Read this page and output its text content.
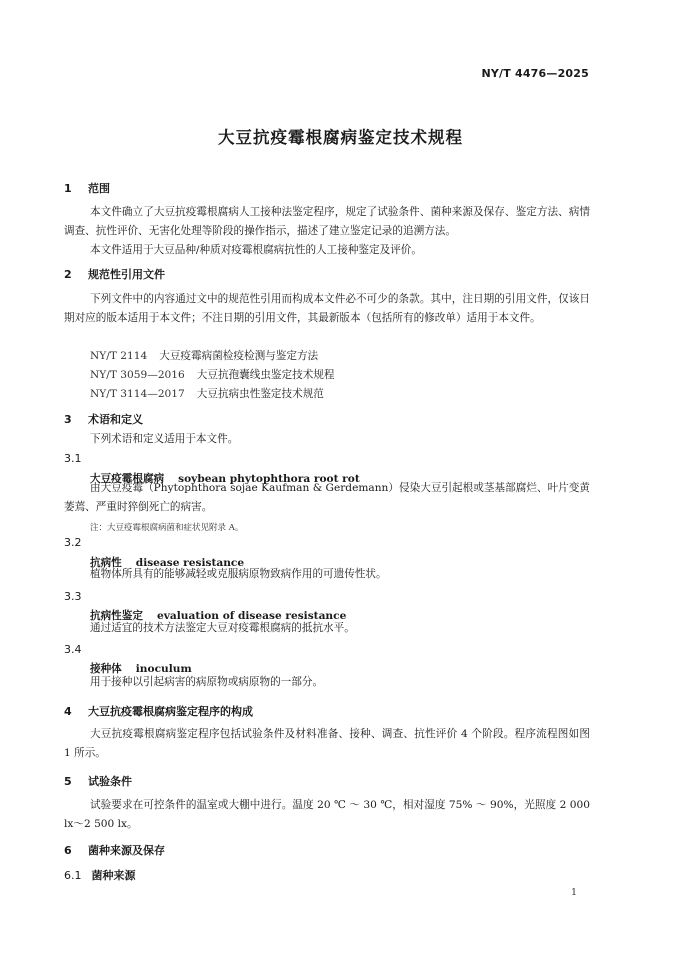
NY/T 4476—2025
大豆抗疫霉根腐病鉴定技术规程
1 范围
本文件确立了大豆抗疫霉根腐病人工接种法鉴定程序，规定了试验条件、菌种来源及保存、鉴定方法、病情调查、抗性评价、无害化处理等阶段的操作指示，描述了建立鉴定记录的追溯方法。
本文件适用于大豆品种/种质对疫霉根腐病抗性的人工接种鉴定及评价。
2 规范性引用文件
下列文件中的内容通过文中的规范性引用而构成本文件必不可少的条款。其中，注日期的引用文件，仅该日期对应的版本适用于本文件；不注日期的引用文件，其最新版本（包括所有的修改单）适用于本文件。
NY/T 2114 大豆疫霉病菌检疫检测与鉴定方法
NY/T 3059—2016 大豆抗孢囊线虫鉴定技术规程
NY/T 3114—2017 大豆抗病虫性鉴定技术规范
3 术语和定义
下列术语和定义适用于本文件。
3.1
大豆疫霉根腐病 soybean phytophthora root rot
由大豆疫霉（Phytophthora sojae Kaufman & Gerdemann）侵染大豆引起根或茎基部腐烂、叶片变黄萎蔫、严重时猝倒死亡的病害。
注：大豆疫霉根腐病菌和症状见附录 A。
3.2
抗病性 disease resistance
植物体所具有的能够减轻或克服病原物致病作用的可遗传性状。
3.3
抗病性鉴定 evaluation of disease resistance
通过适宜的技术方法鉴定大豆对疫霉根腐病的抵抗水平。
3.4
接种体 inoculum
用于接种以引起病害的病原物或病原物的一部分。
4 大豆抗疫霉根腐病鉴定程序的构成
大豆抗疫霉根腐病鉴定程序包括试验条件及材料准备、接种、调查、抗性评价 4 个阶段。程序流程图如图 1 所示。
5 试验条件
试验要求在可控条件的温室或大棚中进行。温度 20 ℃ ～ 30 ℃，相对湿度 75% ～ 90%，光照度 2 000 lx～2 500 lx。
6 菌种来源及保存
6.1 菌种来源
1
